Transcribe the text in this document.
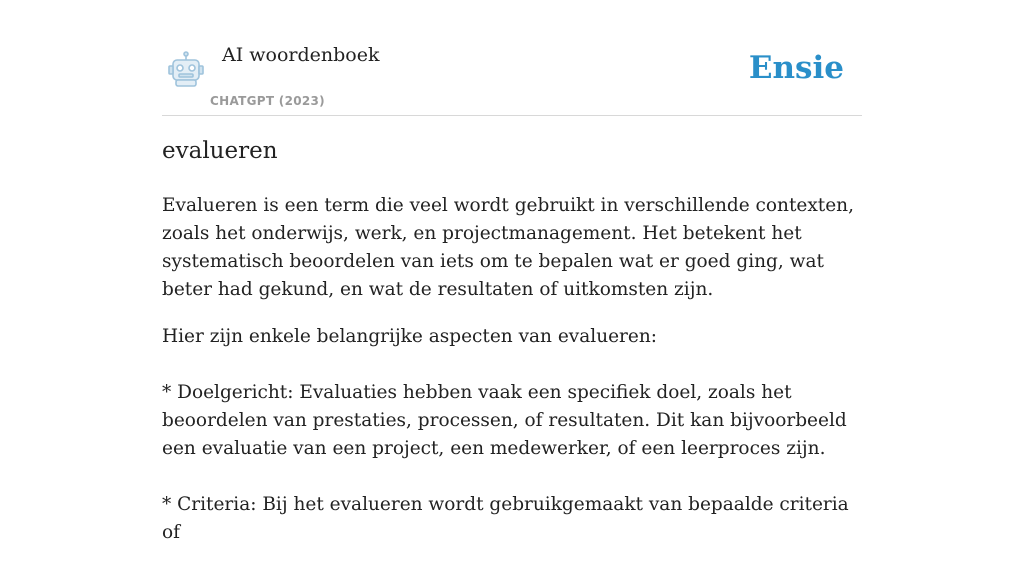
AI woordenboek
CHATGPT (2023)
Ensie
evalueren

Evalueren is een term die veel wordt gebruikt in verschillende contexten, zoals het onderwijs, werk, en projectmanagement. Het betekent het systematisch beoordelen van iets om te bepalen wat er goed ging, wat beter had gekund, en wat de resultaten of uitkomsten zijn.

Hier zijn enkele belangrijke aspecten van evalueren:

* Doelgericht: Evaluaties hebben vaak een specifiek doel, zoals het beoordelen van prestaties, processen, of resultaten. Dit kan bijvoorbeeld een evaluatie van een project, een medewerker, of een leerproces zijn.

* Criteria: Bij het evalueren wordt gebruikgemaakt van bepaalde criteria of
